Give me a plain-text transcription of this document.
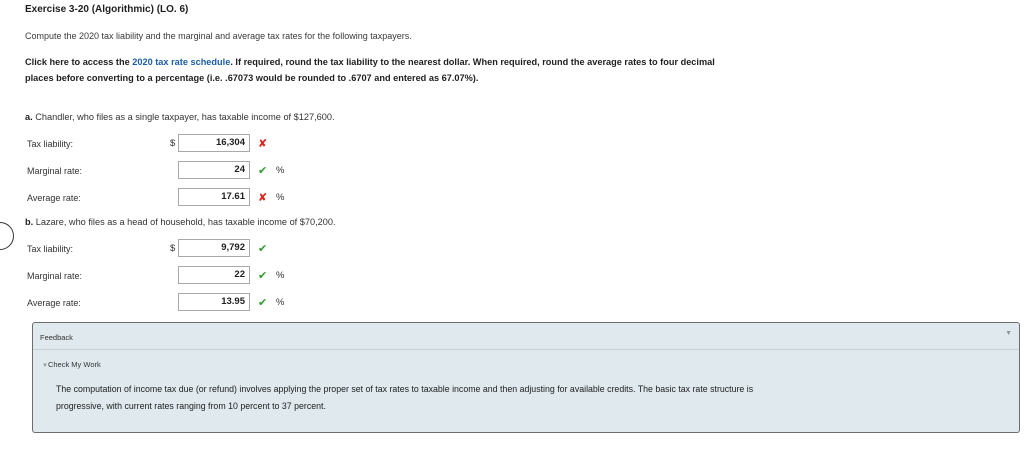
Exercise 3-20 (Algorithmic) (LO. 6)
Compute the 2020 tax liability and the marginal and average tax rates for the following taxpayers.
Click here to access the 2020 tax rate schedule. If required, round the tax liability to the nearest dollar. When required, round the average rates to four decimal places before converting to a percentage (i.e. .67073 would be rounded to .6707 and entered as 67.07%).
a. Chandler, who files as a single taxpayer, has taxable income of $127,600.
Tax liability:	$	16,304	✘
Marginal rate:	24	✔ %
Average rate:	17.61	✘ %
b. Lazare, who files as a head of household, has taxable income of $70,200.
Tax liability:	$	9,792	✔
Marginal rate:	22	✔ %
Average rate:	13.95	✔ %
Feedback	▼
▼Check My Work
The computation of income tax due (or refund) involves applying the proper set of tax rates to taxable income and then adjusting for available credits. The basic tax rate structure is progressive, with current rates ranging from 10 percent to 37 percent.
